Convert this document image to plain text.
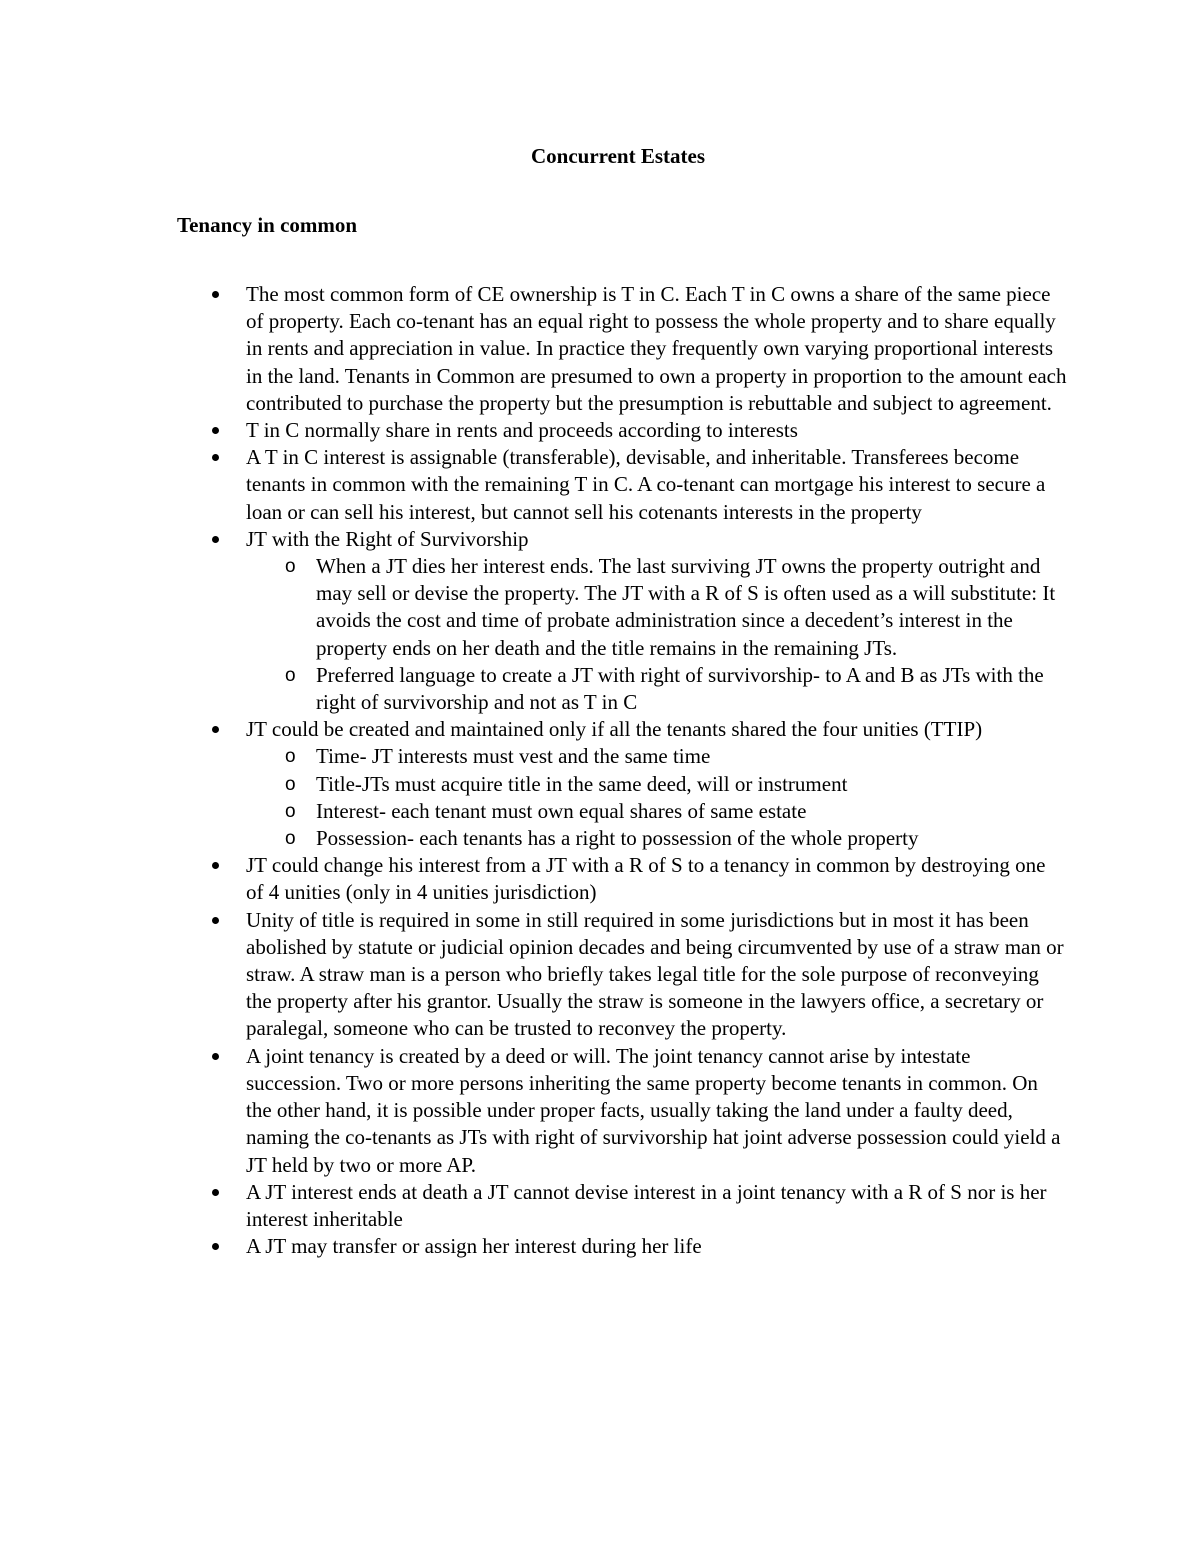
Concurrent Estates
Tenancy in common
The most common form of CE ownership is T in C. Each T in C owns a share of the same piece of property. Each co-tenant has an equal right to possess the whole property and to share equally in rents and appreciation in value. In practice they frequently own varying proportional interests in the land. Tenants in Common are presumed to own a property in proportion to the amount each contributed to purchase the property but the presumption is rebuttable and subject to agreement.
T in C normally share in rents and proceeds according to interests
A T in C interest is assignable (transferable), devisable, and inheritable. Transferees become tenants in common with the remaining T in C. A co-tenant can mortgage his interest to secure a loan or can sell his interest, but cannot sell his cotenants interests in the property
JT with the Right of Survivorship
o When a JT dies her interest ends. The last surviving JT owns the property outright and may sell or devise the property. The JT with a R of S is often used as a will substitute: It avoids the cost and time of probate administration since a decedent’s interest in the property ends on her death and the title remains in the remaining JTs.
o Preferred language to create a JT with right of survivorship- to A and B as JTs with the right of survivorship and not as T in C
JT could be created and maintained only if all the tenants shared the four unities (TTIP)
o Time- JT interests must vest and the same time
o Title-JTs must acquire title in the same deed, will or instrument
o Interest- each tenant must own equal shares of same estate
o Possession- each tenants has a right to possession of the whole property
JT could change his interest from a JT with a R of S to a tenancy in common by destroying one of 4 unities (only in 4 unities jurisdiction)
Unity of title is required in some in still required in some jurisdictions but in most it has been abolished by statute or judicial opinion decades and being circumvented by use of a straw man or straw. A straw man is a person who briefly takes legal title for the sole purpose of reconveying the property after his grantor. Usually the straw is someone in the lawyers office, a secretary or paralegal, someone who can be trusted to reconvey the property.
A joint tenancy is created by a deed or will. The joint tenancy cannot arise by intestate succession. Two or more persons inheriting the same property become tenants in common. On the other hand, it is possible under proper facts, usually taking the land under a faulty deed, naming the co-tenants as JTs with right of survivorship hat joint adverse possession could yield a JT held by two or more AP.
A JT interest ends at death a JT cannot devise interest in a joint tenancy with a R of S nor is her interest inheritable
A JT may transfer or assign her interest during her life
